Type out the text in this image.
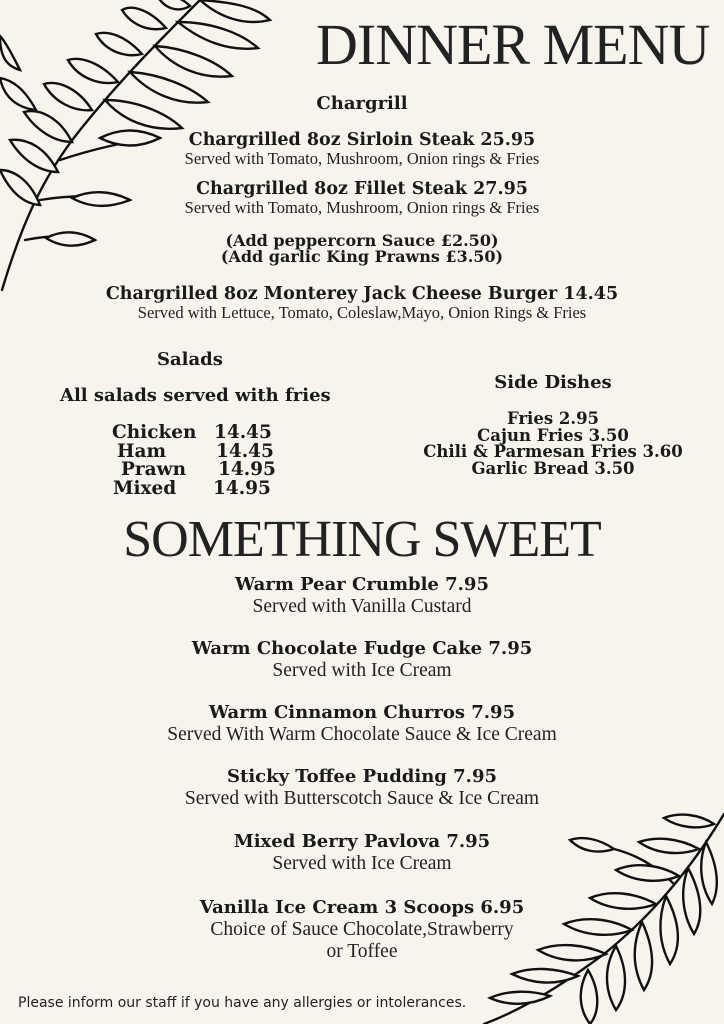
DINNER MENU
Chargrill
Chargrilled 8oz Sirloin Steak 25.95
Served with Tomato, Mushroom, Onion rings & Fries
Chargrilled 8oz Fillet Steak 27.95
Served with Tomato, Mushroom, Onion rings & Fries
(Add peppercorn Sauce £2.50)
(Add garlic King Prawns £3.50)
Chargrilled 8oz Monterey Jack Cheese Burger 14.45
Served with Lettuce, Tomato, Coleslaw,Mayo, Onion Rings & Fries
Salads
All salads served with fries
Chicken 14.45
Ham	14.45
Prawn 14.95
Mixed 14.95
Side Dishes
Fries 2.95
Cajun Fries 3.50
Chili & Parmesan Fries 3.60
Garlic Bread 3.50
SOMETHING SWEET
Warm Pear Crumble 7.95
Served with Vanilla Custard
Warm Chocolate Fudge Cake 7.95
Served with Ice Cream
Warm Cinnamon Churros 7.95
Served With Warm Chocolate Sauce & Ice Cream
Sticky Toffee Pudding 7.95
Served with Butterscotch Sauce & Ice Cream
Mixed Berry Pavlova 7.95
Served with Ice Cream
Vanilla Ice Cream 3 Scoops 6.95
Choice of Sauce Chocolate,Strawberry
or Toffee
Please inform our staff if you have any allergies or intolerances.
